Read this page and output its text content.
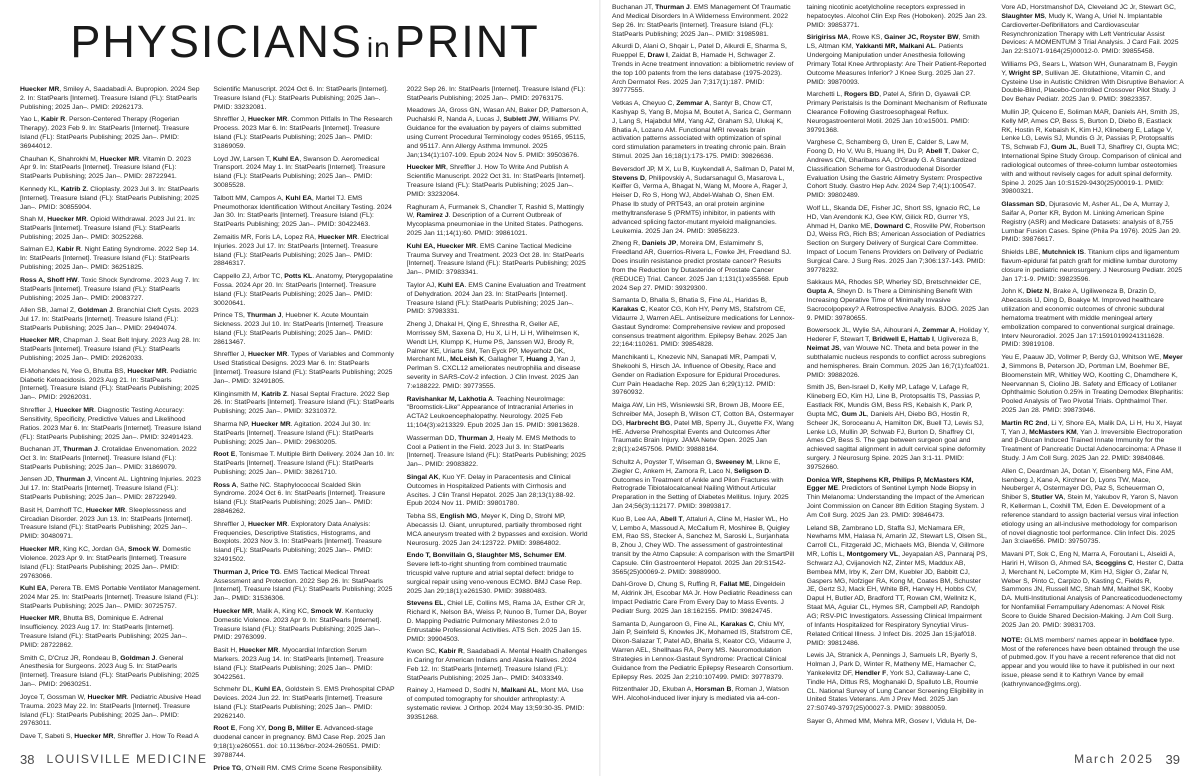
PHYSICIANS inPRINT

Huecker MR, Smiley A, Saadabadi A. Bupropion. 2024 Sep 2. In: StatPearls [Internet]. Treasure Island (FL): StatPearls Publishing; 2025 Jan–. PMID: 29262173.

Yao L, Kabir R. Person-Centered Therapy (Rogerian Therapy). 2023 Feb 9. In: StatPearls [Internet]. Treasure Island (FL): StatPearls Publishing; 2025 Jan–. PMID: 36944012.

Chauhan K, Shahrokhi M, Huecker MR. Vitamin D. 2023 Apr 9. In: StatPearls [Internet]. Treasure Island (FL): StatPearls Publishing; 2025 Jan–. PMID: 28722941.

Kennedy KL, Katrib Z. Clioplasty. 2023 Jul 3. In: StatPearls [Internet]. Treasure Island (FL): StatPearls Publishing; 2025 Jan–. PMID: 30855904.

Shah M, Huecker MR. Opioid Withdrawal. 2023 Jul 21. In: StatPearls [Internet]. Treasure Island (FL): StatPearls Publishing; 2025 Jan–. PMID: 30252268.

Salman EJ, Kabir R. Night Eating Syndrome. 2022 Sep 14. In: StatPearls [Internet]. Treasure Island (FL): StatPearls Publishing; 2025 Jan–. PMID: 36251825.

Ross A, Shoff HW. Toxic Shock Syndrome. 2023 Aug 7. In: StatPearls [Internet]. Treasure Island (FL): StatPearls Publishing; 2025 Jan–. PMID: 29083727.

Allen SB, Jamal Z, Goldman J. Branchial Cleft Cysts. 2023 Jul 17. In: StatPearls [Internet]. Treasure Island (FL): StatPearls Publishing; 2025 Jan–. PMID: 29494074.

Huecker MR, Chapman J. Seat Belt Injury. 2023 Aug 28. In: StatPearls [Internet]. Treasure Island (FL): StatPearls Publishing; 2025 Jan–. PMID: 29262033.

El-Mohandes N, Yee G, Bhutta BS, Huecker MR. Pediatric Diabetic Ketoacidosis. 2023 Aug 21. In: StatPearls [Internet]. Treasure Island (FL): StatPearls Publishing; 2025 Jan–. PMID: 29262031.

Shreffler J, Huecker MR. Diagnostic Testing Accuracy: Sensitivity, Specificity, Predictive Values and Likelihood Ratios. 2023 Mar 6. In: StatPearls [Internet]. Treasure Island (FL): StatPearls Publishing; 2025 Jan–. PMID: 32491423.

Buchanan JT, Thurman J. Crotalidae Envenomation. 2022 Oct 3. In: StatPearls [Internet]. Treasure Island (FL): StatPearls Publishing; 2025 Jan–. PMID: 31869079.

Jensen JD, Thurman J, Vincent AL. Lightning Injuries. 2023 Jul 17. In: StatPearls [Internet]. Treasure Island (FL): StatPearls Publishing; 2025 Jan–. PMID: 28722949.

Basit H, Damhoff TC, Huecker MR. Sleeplessness and Circadian Disorder. 2023 Jun 13. In: StatPearls [Internet]. Treasure Island (FL): StatPearls Publishing; 2025 Jan–. PMID: 30480971.

Huecker MR, King KC, Jordan GA, Smock W. Domestic Violence. 2023 Apr 9. In: StatPearls [Internet]. Treasure Island (FL): StatPearls Publishing; 2025 Jan–. PMID: 29763066.

Kuhl EA, Perera TB. EMS Portable Ventilator Management. 2024 Mar 25. In: StatPearls [Internet]. Treasure Island (FL): StatPearls Publishing; 2025 Jan–. PMID: 30725757.

Huecker MR, Bhutta BS, Dominique E. Adrenal Insufficiency. 2023 Aug 17. In: StatPearls [Internet]. Treasure Island (FL): StatPearls Publishing; 2025 Jan–. PMID: 28722862.

Smith C, D'Cruz JR, Rondeau B, Goldman J. General Anesthesia for Surgeons. 2023 Aug 5. In: StatPearls [Internet]. Treasure Island (FL): StatPearls Publishing; 2025 Jan–. PMID: 29630251.

Joyce T, Gossman W, Huecker MR. Pediatric Abusive Head Trauma. 2023 May 22. In: StatPearls [Internet]. Treasure Island (FL): StatPearls Publishing; 2025 Jan–. PMID: 29763011.

Dave T, Sabeti S, Huecker MR, Shreffler J. How To Read A

Scientific Manuscript. 2024 Oct 6. In: StatPearls [Internet]. Treasure Island (FL): StatPearls Publishing; 2025 Jan–. PMID: 33232081.

Shreffler J, Huecker MR. Common Pitfalls In The Research Process. 2023 Mar 6. In: StatPearls [Internet]. Treasure Island (FL): StatPearls Publishing; 2025 Jan–. PMID: 31869059.

Loyd JW, Larsen T, Kuhl EA, Swanson D. Aeromedical Transport. 2024 May 1. In: StatPearls [Internet]. Treasure Island (FL): StatPearls Publishing; 2025 Jan–. PMID: 30085528.

Talbott MM, Campos A, Kuhl EA, Martel TJ. EMS Pneumothorax Identification Without Ancillary Testing. 2024 Jan 30. In: StatPearls [Internet]. Treasure Island (FL): StatPearls Publishing; 2025 Jan–. PMID: 30422463.

Zemaitis MR, Foris LA, Lopez RA, Huecker MR. Electrical Injuries. 2023 Jul 17. In: StatPearls [Internet]. Treasure Island (FL): StatPearls Publishing; 2025 Jan–. PMID: 28846317.

Cappello ZJ, Arbor TC, Potts KL. Anatomy, Pterygopalatine Fossa. 2024 Apr 20. In: StatPearls [Internet]. Treasure Island (FL): StatPearls Publishing; 2025 Jan–. PMID: 30020641.

Prince TS, Thurman J, Huebner K. Acute Mountain Sickness. 2023 Jul 10. In: StatPearls [Internet]. Treasure Island (FL): StatPearls Publishing; 2025 Jan–. PMID: 28613467.

Shreffler J, Huecker MR. Types of Variables and Commonly Used Statistical Designs. 2023 Mar 6. In: StatPearls [Internet]. Treasure Island (FL): StatPearls Publishing; 2025 Jan–. PMID: 32491805.

Klinginsmith M, Katrib Z. Nasal Septal Fracture. 2022 Sep 26. In: StatPearls [Internet]. Treasure Island (FL): StatPearls Publishing; 2025 Jan–. PMID: 32310372.

Sharma NP, Huecker MR. Agitation. 2024 Jul 30. In: StatPearls [Internet]. Treasure Island (FL): StatPearls Publishing; 2025 Jan–. PMID: 29630205.

Root E, Tonismae T. Multiple Birth Delivery. 2024 Jan 10. In: StatPearls [Internet]. Treasure Island (FL): StatPearls Publishing; 2025 Jan–. PMID: 38261710.

Ross A, Sathe NC. Staphylococcal Scalded Skin Syndrome. 2024 Oct 6. In: StatPearls [Internet]. Treasure Island (FL): StatPearls Publishing; 2025 Jan–. PMID: 28846262.

Shreffler J, Huecker MR. Exploratory Data Analysis: Frequencies, Descriptive Statistics, Histograms, and Boxplots. 2023 Nov 3. In: StatPearls [Internet]. Treasure Island (FL): StatPearls Publishing; 2025 Jan–. PMID: 32491502.

Thurman J, Price TG. EMS Tactical Medical Threat Assessment and Protection. 2022 Sep 26. In: StatPearls [Internet]. Treasure Island (FL): StatPearls Publishing; 2025 Jan–. PMID: 31536306.

Huecker MR, Malik A, King KC, Smock W. Kentucky Domestic Violence. 2023 Apr 9. In: StatPearls [Internet]. Treasure Island (FL): StatPearls Publishing; 2025 Jan–. PMID: 29763099.

Basit H, Huecker MR. Myocardial Infarction Serum Markers. 2023 Aug 14. In: StatPearls [Internet]. Treasure Island (FL): StatPearls Publishing; 2025 Jan–. PMID: 30422561.

Schmehr DL, Kuhl EA, Goldstein S. EMS Prehospital CPAP Devices. 2024 Jun 22. In: StatPearls [Internet]. Treasure Island (FL): StatPearls Publishing; 2025 Jan–. PMID: 29262140.

Root E, Fong XY, Dong B, Miller E. Advanced-stage duodenal cancer in pregnancy. BMJ Case Rep. 2025 Jan 9;18(1):e260551. doi: 10.1136/bcr-2024-260551. PMID: 39788744.

Price TG, O'Neill RM. CMS Crime Scene Responsibility.

2022 Sep 26. In: StatPearls [Internet]. Treasure Island (FL): StatPearls Publishing; 2025 Jan–. PMID: 29763175.

Meadows JA, Gross GN, Wasan AN, Baker DP, Patterson A, Puchalski R, Nanda A, Lucas J, Sublett JW, Williams PV. Guidance for the evaluation by payers of claims submitted using Current Procedural Terminology codes 95165, 95115, and 95117. Ann Allergy Asthma Immunol. 2025 Jan;134(1):107-109. Epub 2024 Nov 5. PMID: 39503676.

Huecker MR, Shreffler J. How To Write And Publish A Scientific Manuscript. 2022 Oct 31. In: StatPearls [Internet]. Treasure Island (FL): StatPearls Publishing; 2025 Jan–. PMID: 33232064.

Raghuram A, Furmanek S, Chandler T, Rashid S, Mattingly W, Ramirez J. Description of a Current Outbreak of Mycoplasma pneumoniae in the United States. Pathogens. 2025 Jan 11;14(1):60. PMID: 39861021.

Kuhl EA, Huecker MR. EMS Canine Tactical Medicine Trauma Survey and Treatment. 2023 Oct 28. In: StatPearls [Internet]. Treasure Island (FL): StatPearls Publishing; 2025 Jan–. PMID: 37983341.

Taylor AJ, Kuhl EA. EMS Canine Evaluation and Treatment of Dehydration. 2024 Jan 23. In: StatPearls [Internet]. Treasure Island (FL): StatPearls Publishing; 2025 Jan–. PMID: 37983331.

Zheng J, Dhakal H, Qing E, Shrestha R, Geller AE, Morrissey SM, Saxena D, Hu X, Li H, Li H, Wilhelmsen K, Wendt LH, Klumpp K, Hume PS, Janssen WJ, Brody R, Palmer KE, Uriarte SM, Ten Eyck PP, Meyerholz DK, Merchant ML, McLeish K, Gallagher T, Huang J, Yan J, Perlman S. CXCL12 ameliorates neutrophilia and disease severity in SARS-CoV-2 infection. J Clin Invest. 2025 Jan 7:e188222. PMID: 39773555.

Ravishankar M, Lakhotia A. Teaching NeuroImage: "Broomstick-Like" Appearance of Intracranial Arteries in ACTA2 Leukoencephalopathy. Neurology. 2025 Feb 11;104(3):e213329. Epub 2025 Jan 15. PMID: 39813628.

Wasserman DD, Thurman J, Healy M. EMS Methods to Cool a Patient in the Field. 2023 Jul 3. In: StatPearls [Internet]. Treasure Island (FL): StatPearls Publishing; 2025 Jan–. PMID: 29083822.

Singal AK, Kuo YF. Delay in Paracentesis and Clinical Outcomes in Hospitalized Patients with Cirrhosis and Ascites. J Clin Transl Hepatol. 2025 Jan 28;13(1):88-92. Epub 2024 Nov 11. PMID: 39801780.

Tebha SS, English MG, Meyer K, Ding D, Strohl MP, Abecassis IJ. Giant, unruptured, partially thrombosed right MCA aneurysm treated with 2 bypasses and excision. World Neurosurg. 2025 Jan 24:123722. PMID: 39864802.

Endo T, Bonvillain G, Slaughter MS, Schumer EM. Severe left-to-right shunting from combined traumatic tricuspid valve rupture and atrial septal defect: bridge to surgical repair using veno-venous ECMO. BMJ Case Rep. 2025 Jan 29;18(1):e261530. PMID: 39880483.

Stevens EL, Chiel LE, Collins MS, Rama JA, Esther CR Jr, Richard K, Nelson BA, Weiss P, Nunoo B, Turner DA, Boyer D. Mapping Pediatric Pulmonary Milestones 2.0 to Entrustable Professional Activities. ATS Sch. 2025 Jan 15. PMID: 39904503.

Kwon SC, Kabir R, Saadabadi A. Mental Health Challenges in Caring for American Indians and Alaska Natives. 2024 Feb 12. In: StatPearls [Internet]. Treasure Island (FL): StatPearls Publishing; 2025 Jan–. PMID: 34033349.

Rainey J, Hameed D, Sodhi N, Malkani AL, Mont MA. Use of computed tomography for shoulder arthroplasty: A systematic review. J Orthop. 2024 May 13;59:30-35. PMID: 39351268.

38 LOUISVILLE MEDICINE

Buchanan JT, Thurman J. EMS Management Of Traumatic And Medical Disorders In A Wilderness Environment. 2022 Sep 26. In: StatPearls [Internet]. Treasure Island (FL): StatPearls Publishing; 2025 Jan–. PMID: 31985981.

Alkurdi D, Alani O, Shqair L, Patel D, Alkurdi E, Sharma S, Rueppel E, Draw I, Zaidat B, Hamade H, Schwager Z. Trends in Acne treatment innovation: a bibliometric review of the top 100 patents from the lens database (1975-2023). Arch Dermatol Res. 2025 Jan 7;317(1):187. PMID: 39777555.

Vetkas A, Cheyuo C, Zemmar A, Santyr B, Chow CT, Kashyap S, Yang B, Mojsa M, Boutet A, Sarica C, Germann J, Lang S, Hajabdul MM, Yang AZ, Graham SJ, Ulukaj K, Bhatia A, Lozano AM. Functional MRI reveals brain activation patterns associated with optimization of spinal cord stimulation parameters in treating chronic pain. Brain Stimul. 2025 Jan 16;18(1):173-175. PMID: 39826636.

Beversdorf JP, M X, Lu B, Kuykendall A, Sallman D, Patel M, Stevens D, Philipovskiy A, Sudarsanagul G, Masarova L, Keiffer G, Verma A, Bhagat N, Wang M, Moore A, Rager J, Heiser D, Ro S, Hong WJ, Abdel-Wahab O, Shen EM. Phase Ib study of PRT543, an oral protein arginine methyltransferase 5 (PRMT5) inhibitor, in patients with advanced splicing factor-mutant myeloid malignancies. Leukemia. 2025 Jan 24. PMID: 39856223.

Zheng R, Daniels JP, Moreira DM, Eslamimehr S, Freedland AR, Guerrios-Rivera L, Fowke JH, Freedland SJ. Does insulin resistance predict prostate cancer? Results from the Reduction by Dutasteride of Prostate Cancer (REDUCE) Trial. Cancer. 2025 Jan 1;131(1):e35568. Epub 2024 Sep 27. PMID: 39329300.

Samanta D, Bhalla S, Bhatia S, Fine AL, Haridas B, Karakas C, Keator CG, Koh HY, Perry MS, Stafstrom CE, Vidaurre J, Warren AEL. Antiseizure medications for Lennox-Gastaut Syndrome: Comprehensive review and proposed consensus treatment algorithm. Epilepsy Behav. 2025 Jan 22;164:110261. PMID: 39854828.

Manchikanti L, Knezevic NN, Sanapati MR, Pampati V, Shekoohi S, Hirsch JA. Influence of Obesity, Race and Gender on Radiation Exposure for Epidural Procedures. Curr Pain Headache Rep. 2025 Jan 6;29(1):12. PMID: 39760932.

Maiga AW, Lin HS, Wisniewski SR, Brown JB, Moore EE, Schreiber MA, Joseph B, Wilson CT, Cotton BA, Ostermayer DG, Harbrecht BG, Patel MB, Sperry JL, Guyette FX, Wang HE. Adverse Prehospital Events and Outcomes After Traumatic Brain Injury. JAMA Netw Open. 2025 Jan 2;8(1):e2457506. PMID: 39888164.

Schultz A, Poyster T, Wiseman G, Sweeney M, Likne E, Ziegler C, Ankem H, Zamora R, Laco N, Seligson D. Outcomes in Treatment of Ankle and Pilon Fractures with Retrograde Tibiotalocalcaneal Nailing Without Articular Preparation in the Setting of Diabetes Mellitus. Injury. 2025 Jan 24;56(3):112177. PMID: 39893817.

Kuo B, Lee AA, Abell T, Attaluri A, Cline M, Hasler WL, Ho V, Lembo A, Massoud A, McCallum R, Moshiree B, Quigley EM, Rao SS, Stecker A, Sanchez M, Saroski L, Surjanhata B, Zhou J, Chey WD. The assessment of gastrointestinal transit by the Atmo Capsule: A comparison with the SmartPill Capsule. Clin Gastroenterol Hepatol. 2025 Jan 29:S1542-3565(25)00069-2. PMID: 39889900.

Dahl-Grove D, Chung S, Ruffing R, Fallat ME, Dingeldein M, Aldrink JH, Escobar MA Jr. How Pediatric Readiness can Impact Pediatric Care From Every Day to Mass Events. J Pediatr Surg. 2025 Jan 18:162155. PMID: 39824745.

Samanta D, Aungaroon G, Fine AL, Karakas C, Chiu MY, Jain P, Seinfeld S, Knowles JK, Mohamed IS, Stafstrom CE, Dixon-Salazar T, Patel AD, Bhalla S, Keator CG, Vidaurre J, Warren AEL, Shellhaas RA, Perry MS. Neuromodulation Strategies in Lennox-Gastaut Syndrome: Practical Clinical Guidance from the Pediatric Epilepsy Research Consortium. Epilepsy Res. 2025 Jan 2;210:107499. PMID: 39778379.

Ritzenthaler JD, Ekuban A, Horsman B, Roman J, Watson WH. Alcohol-induced liver injury is mediated via a4-con-

taining nicotinic acetylcholine receptors expressed in hepatocytes. Alcohol Clin Exp Res (Hoboken). 2025 Jan 23. PMID: 39853771.

Sirigiriss MA, Rowe KS, Gainer JC, Royster BW, Smith LS, Altman KM, Yakkanti MR, Malkani AL. Patients Undergoing Manipulation under Anesthesia following Primary Total Knee Arthroplasty: Are Their Patient-Reported Outcome Measures Inferior? J Knee Surg. 2025 Jan 27. PMID: 39870093.

Marchetti L, Rogers BD, Patel A, Sfirin D, Gyawali CP. Primary Peristalsis Is the Dominant Mechanism of Refluxate Clearance Following Gastroesophageal Reflux. Neurogastroenterol Motil. 2025 Jan 10:e15001. PMID: 39791368.

Varghese C, Schamberg G, Uren E, Calder S, Law M, Foong D, Ho V, Wu B, Huang IH, Du P, Abell T, Daker C, Andrews CN, Gharibans AA, O'Grady G. A Standardized Classification Scheme for Gastroduodenal Disorder Evaluation Using the Gastric Alimetry System: Prospective Cohort Study. Gastro Hep Adv. 2024 Sep 7;4(1):100547. PMID: 39802489.

Wolf LL, Skanda DE, Fisher JC, Short SS, Ignacio RC, Le HD, Van Arendonk KJ, Gee KW, Gilick RD, Gurrer YS, Ahmad H, Danko ME, Downard C, Rosville PW, Robertson DJ, Weiss RG, Rich BS; American Association of Pediatrics Section on Surgery Delivery of Surgical Care Committee. Impact of Locum Tenens Providers on Delivery of Pediatric Surgical Care. J Surg Res. 2025 Jan 7;306:137-143. PMID: 39778232.

Sakkaus MA, Rhodes SP, Wherley SD, Bretschneider CE, Gupta A, Sheyn D. Is There a Diminishing Benefit With Increasing Operative Time of Minimally Invasive Sacrocolpopexy? A Retrospective Analysis. BJOG. 2025 Jan 9. PMID: 39780655.

Bowersock JL, Wylie SA, Aihourani A, Zemmar A, Holiday Y, Hederer F, Stewart T, Bridwell E, Hattab I, Uglivereza B, Neimat JS, van Wouwe NC. Theta and beta power in the subthalamic nucleus responds to conflict across subregions and hemispheres. Brain Commun. 2025 Jan 16;7(1):fcaf021. PMID: 39882026.

Smith JS, Ben-Israel D, Kelly MP, Lafage V, Lafage R, Klineberg EO, Kim HJ, Line B, Protopsaltis TS, Passias P, Eastlack RK, Mundis GM, Bess RS, Kebaish K, Park P, Gupta MC, Gum JL, Daniels AH, Diebo BG, Hostin R, Scheer JK, Soroceanu A, Hamilton DK, Buell TJ, Lewis SJ, Lenke LG, Mullin JP, Schwab FJ, Burton D, Shaffrey CI, Ames CP, Bess S. The gap between surgeon goal and achieved sagittal alignment in adult cervical spine deformity surgery. J Neurosurg Spine. 2025 Jan 3:1-11. PMID: 39752660.

Donica WR, Stephens KR, Philips P, McMasters KM, Egger ME. Predictors of Sentinel Lymph Node Biopsy in Thin Melanoma: Understanding the Impact of the American Joint Commission on Cancer 8th Edition Staging System. J Am Coll Surg. 2025 Jan 23. PMID: 39846473.

Leland SB, Zambrano LD, Staffa SJ, McNamara ER, Newhams MM, Halasa N, Amarin JZ, Stewart LS, Olsen SL, Carroll CL, Fitzgerald JC, Michaels MG, Blenda V, Gillmore MR, Loftis L, Montgomery VL, Jeyapalan AS, Pannaraj PS, Schwarz AJ, Cvijanovich NZ, Zinter MS, Maddux AB, Bembea MM, Irby K, Zerr DM, Kuebler JD, Babbitt CJ, Gaspers MG, Nofziger RA, Kong M, Coates BM, Schuster JE, Gertz SJ, Mack EH, White BR, Harvey H, Hobbs CV, Dapul H, Butler AD, Bradford TT, Rowan CM, Wellnitz K, Staat MA, Aguiar CL, Hymes SR, Campbell AP, Randolph AG; RSV-PIC Investigators. Assessing Clinical Impairment of Infants Hospitalized for Respiratory Syncytial Virus-Related Critical Illness. J Infect Dis. 2025 Jan 15:jiaf018. PMID: 39812486.

Lewis JA, Stranick A, Pennings J, Samuels LR, Byerly S, Holman J, Park D, Winter R, Matheny ME, Hamacher C, Yankelevitz DF, Hendler F, York SJ, Callaway-Lane C, Tindle HA, Dittus RS, Moghanaki D, Spalluto LB, Roumie CL. National Survey of Lung Cancer Screening Eligibility in United States Veterans. Am J Prev Med. 2025 Jan 27:S0749-3797(25)00027-3. PMID: 39880059.

Sayer G, Ahmed MM, Mehra MR, Gosev I, Vidula H, De-

Vore AD, Horstmanshof DA, Cleveland JC Jr, Stewart GC, Slaughter MS, Mudy K, Wang A, Uriel N. Implantable Cardioverter-Defibrillators and Cardiovascular Resynchronization Therapy with Left Ventricular Assist Devices: A MOMENTUM 3 Trial Analysis. J Card Fail. 2025 Jan 22:S1071-9164(25)00012-0. PMID: 39855458.

Williams PG, Sears L, Watson WH, Gunaratnam B, Feygin Y, Wright SP, Sullivan JE. Glutathione, Vitamin C, and Cysteine Use in Autistic Children With Disruptive Behavior: A Double-Blind, Placebo-Controlled Crossover Pilot Study. J Dev Behav Pediatr. 2025 Jan 9. PMID: 39823357.

Mullin JP, Quiceno E, Soliman MAR, Daniels AH, Smith JS, Kelly MP, Ames CP, Bess S, Burton D, Diebo B, Eastlack RK, Hostin R, Kebaish K, Kim HJ, Klineberg E, Lafage V, Lenke LG, Lewis SJ, Mundis G Jr, Passias P, Protopsaltis TS, Schwab FJ, Gum JL, Buell TJ, Shaffrey CI, Gupta MC; International Spine Study Group. Comparison of clinical and radiological outcomes of three-column lumbar osteotomies with and without revisely cages for adult spinal deformity. Spine J. 2025 Jan 10:S1529-9430(25)00019-1. PMID: 39800321.

Glassman SD, Djurasovic M, Asher AL, De A, Murray J, Saifar A, Porter KR, Bydon M. Linking American Spine Registry (ASR) and Medicare Datasets: analysis of 8,755 Lumbar Fusion Cases. Spine (Phila Pa 1976). 2025 Jan 29. PMID: 39876617.

Shields LBE, Mutchnick IS. Titanium clips and ligamentum flavum-epidural fat patch graft for midline lumbar durotomy closure in pediatric neurosurgery. J Neurosurg Pediatr. 2025 Jan 17:1-9. PMID: 39823596.

John K, Dietz N, Brake A, Ugiliweneza B, Drazin D, Abecassis IJ, Ding D, Boakye M. Improved healthcare utilization and economic outcomes of chronic subdural hematoma treatment with middle meningeal artery embolization compared to conventional surgical drainage. Interv Neuroradiol. 2025 Jan 17:15910199241311628. PMID: 39819108.

Yeu E, Paauw JD, Vollmer P, Berdy GJ, Whitson WE, Meyer J, Simmons B, Peterson JD, Portman LM, Boehmer BE, Bloomenstein MR, Whitley WO, Kootting C, Dhamdhere K, Neervannan S, Ciolino JB. Safety and Efficacy of Lotilaner Ophthalmic Solution 0.25% in Treating Demodex Blepharitis: Pooled Analysis of Two Pivotal Trials. Ophthalmol Ther. 2025 Jan 28. PMID: 39873946.

Martin RC 2nd, Li Y, Shore EA, Malik DA, Li H, Hu X, Hayat T, Yan J, McMasters KM, Yan J. Irreversible Electroporation and β-Glucan Induced Trained Innate Immunity for the Treatment of Pancreatic Ductal Adenocarcinoma: A Phase II Study. J Am Coll Surg. 2025 Jan 22. PMID: 39840846.

Allen C, Deardman JA, Dotan Y, Eisenberg MA, Fine AM, Isenberg J, Kane A, Kirchner D, Lyons TW, Mace, Neuberger A, Ostermayer DG, Paz S, Scheuerman O, Shiber S, Stutler VA, Stein M, Yakubov R, Yaron S, Navon R, Kellerman L, Coxhill TM, Eden E. Development of a reference standard to assign bacterial versus viral infection etiology using an all-inclusive methodology for comparison of novel diagnostic tool performance. Clin Infect Dis. 2025 Jan 3:ciae656. PMID: 39750735.

Mavani PT, Sok C, Eng N, Marra A, Foroutani L, Alseidi A, Hariri H, Wilson G, Ahmed SA, Scoggins C, Hester C, Datta J, Merchant N, LeCompte M, Kim HJ, Sigler G, Zafar N, Weber S, Pinto C, Carpizo D, Kasting C, Fields R, Sammons JN, Russell MC, Shah MM, Maithel SK, Kooby DA. Multi-Institutional Analysis of Pancreaticoduodenectomy for Nonfamilial Ferrampullary Adenomas: A Novel Risk Score to Guide Shared Decision-Making. J Am Coll Surg. 2025 Jan 20. PMID: 39831703.

NOTE: GLMS members' names appear in boldface type. Most of the references have been obtained through the use of pubmed.gov. If you have a recent reference that did not appear and you would like to have it published in our next issue, please send it to Kathryn Vance by email (kathrynvance@glms.org).

March 2025 39
